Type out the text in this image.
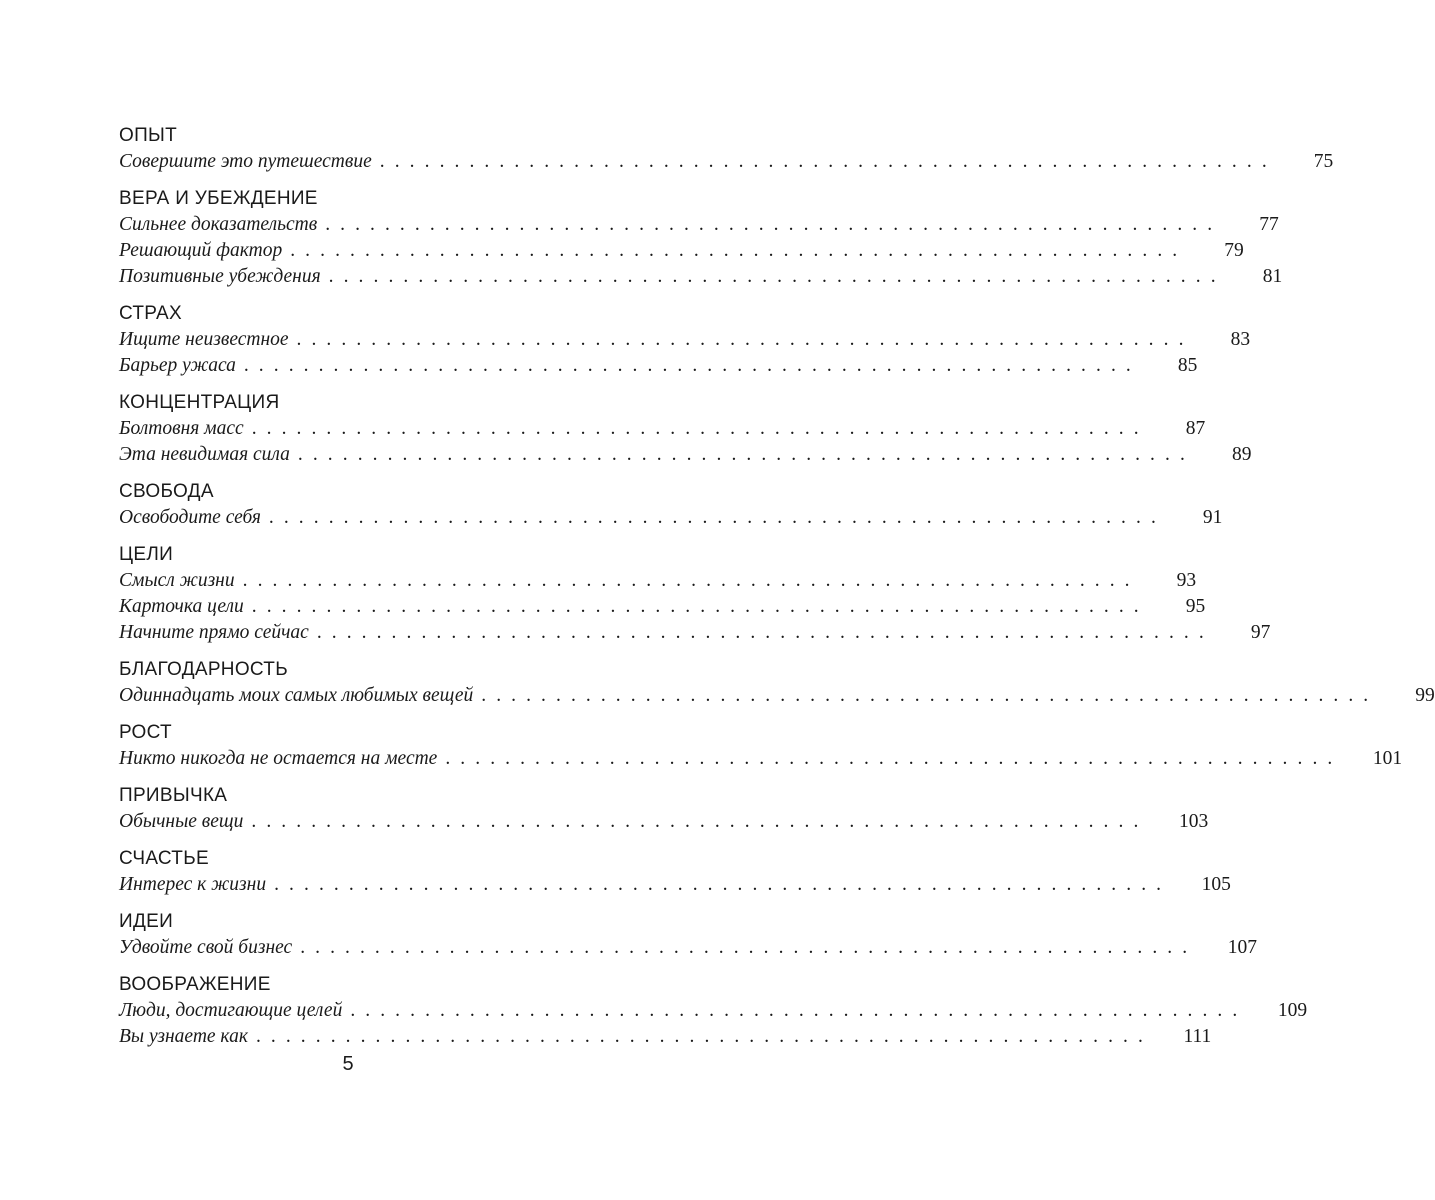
ОПЫТ
Совершите это путешествие . . . . . . . . . . . . . . . . . . . . . . . . . . . . . . . . . . . . . . . . . . . . . . . . . . . . . . . . . . . .	75
ВЕРА И УБЕЖДЕНИЕ
Сильнее доказательств . . . . . . . . . . . . . . . . . . . . . . . . . . . . . . . . . . . . . . . . . . . . . . . . . . . . . . . . . . . .	77
Решающий фактор . . . . . . . . . . . . . . . . . . . . . . . . . . . . . . . . . . . . . . . . . . . . . . . . . . . . . . . . . . . .	79
Позитивные убеждения . . . . . . . . . . . . . . . . . . . . . . . . . . . . . . . . . . . . . . . . . . . . . . . . . . . . . . . . . . . .	81
СТРАХ
Ищите неизвестное . . . . . . . . . . . . . . . . . . . . . . . . . . . . . . . . . . . . . . . . . . . . . . . . . . . . . . . . . . . .	83
Барьер ужаса . . . . . . . . . . . . . . . . . . . . . . . . . . . . . . . . . . . . . . . . . . . . . . . . . . . . . . . . . . . .	85
КОНЦЕНТРАЦИЯ
Болтовня масс . . . . . . . . . . . . . . . . . . . . . . . . . . . . . . . . . . . . . . . . . . . . . . . . . . . . . . . . . . . .	87
Эта невидимая сила . . . . . . . . . . . . . . . . . . . . . . . . . . . . . . . . . . . . . . . . . . . . . . . . . . . . . . . . . . . .	89
СВОБОДА
Освободите себя . . . . . . . . . . . . . . . . . . . . . . . . . . . . . . . . . . . . . . . . . . . . . . . . . . . . . . . . . . . .	91
ЦЕЛИ
Смысл жизни . . . . . . . . . . . . . . . . . . . . . . . . . . . . . . . . . . . . . . . . . . . . . . . . . . . . . . . . . . . .	93
Карточка цели . . . . . . . . . . . . . . . . . . . . . . . . . . . . . . . . . . . . . . . . . . . . . . . . . . . . . . . . . . . .	95
Начните прямо сейчас . . . . . . . . . . . . . . . . . . . . . . . . . . . . . . . . . . . . . . . . . . . . . . . . . . . . . . . . . . . .	97
БЛАГОДАРНОСТЬ
Одиннадцать моих самых любимых вещей . . . . . . . . . . . . . . . . . . . . . . . . . . . . . . . . . . . . . . . . . . . . . . . . . . . . . . . . . . . .	99
РОСТ
Никто никогда не остается на месте . . . . . . . . . . . . . . . . . . . . . . . . . . . . . . . . . . . . . . . . . . . . . . . . . . . . . . . . . . . . 101
ПРИВЫЧКА
Обычные вещи . . . . . . . . . . . . . . . . . . . . . . . . . . . . . . . . . . . . . . . . . . . . . . . . . . . . . . . . . . . . 103
СЧАСТЬЕ
Интерес к жизни . . . . . . . . . . . . . . . . . . . . . . . . . . . . . . . . . . . . . . . . . . . . . . . . . . . . . . . . . . . . 105
ИДЕИ
Удвойте свой бизнес . . . . . . . . . . . . . . . . . . . . . . . . . . . . . . . . . . . . . . . . . . . . . . . . . . . . . . . . . . . . 107
ВООБРАЖЕНИЕ
Люди, достигающие целей . . . . . . . . . . . . . . . . . . . . . . . . . . . . . . . . . . . . . . . . . . . . . . . . . . . . . . . . . . . . 109
Вы узнаете как . . . . . . . . . . . . . . . . . . . . . . . . . . . . . . . . . . . . . . . . . . . . . . . . . . . . . . . . . . . . 111
5
